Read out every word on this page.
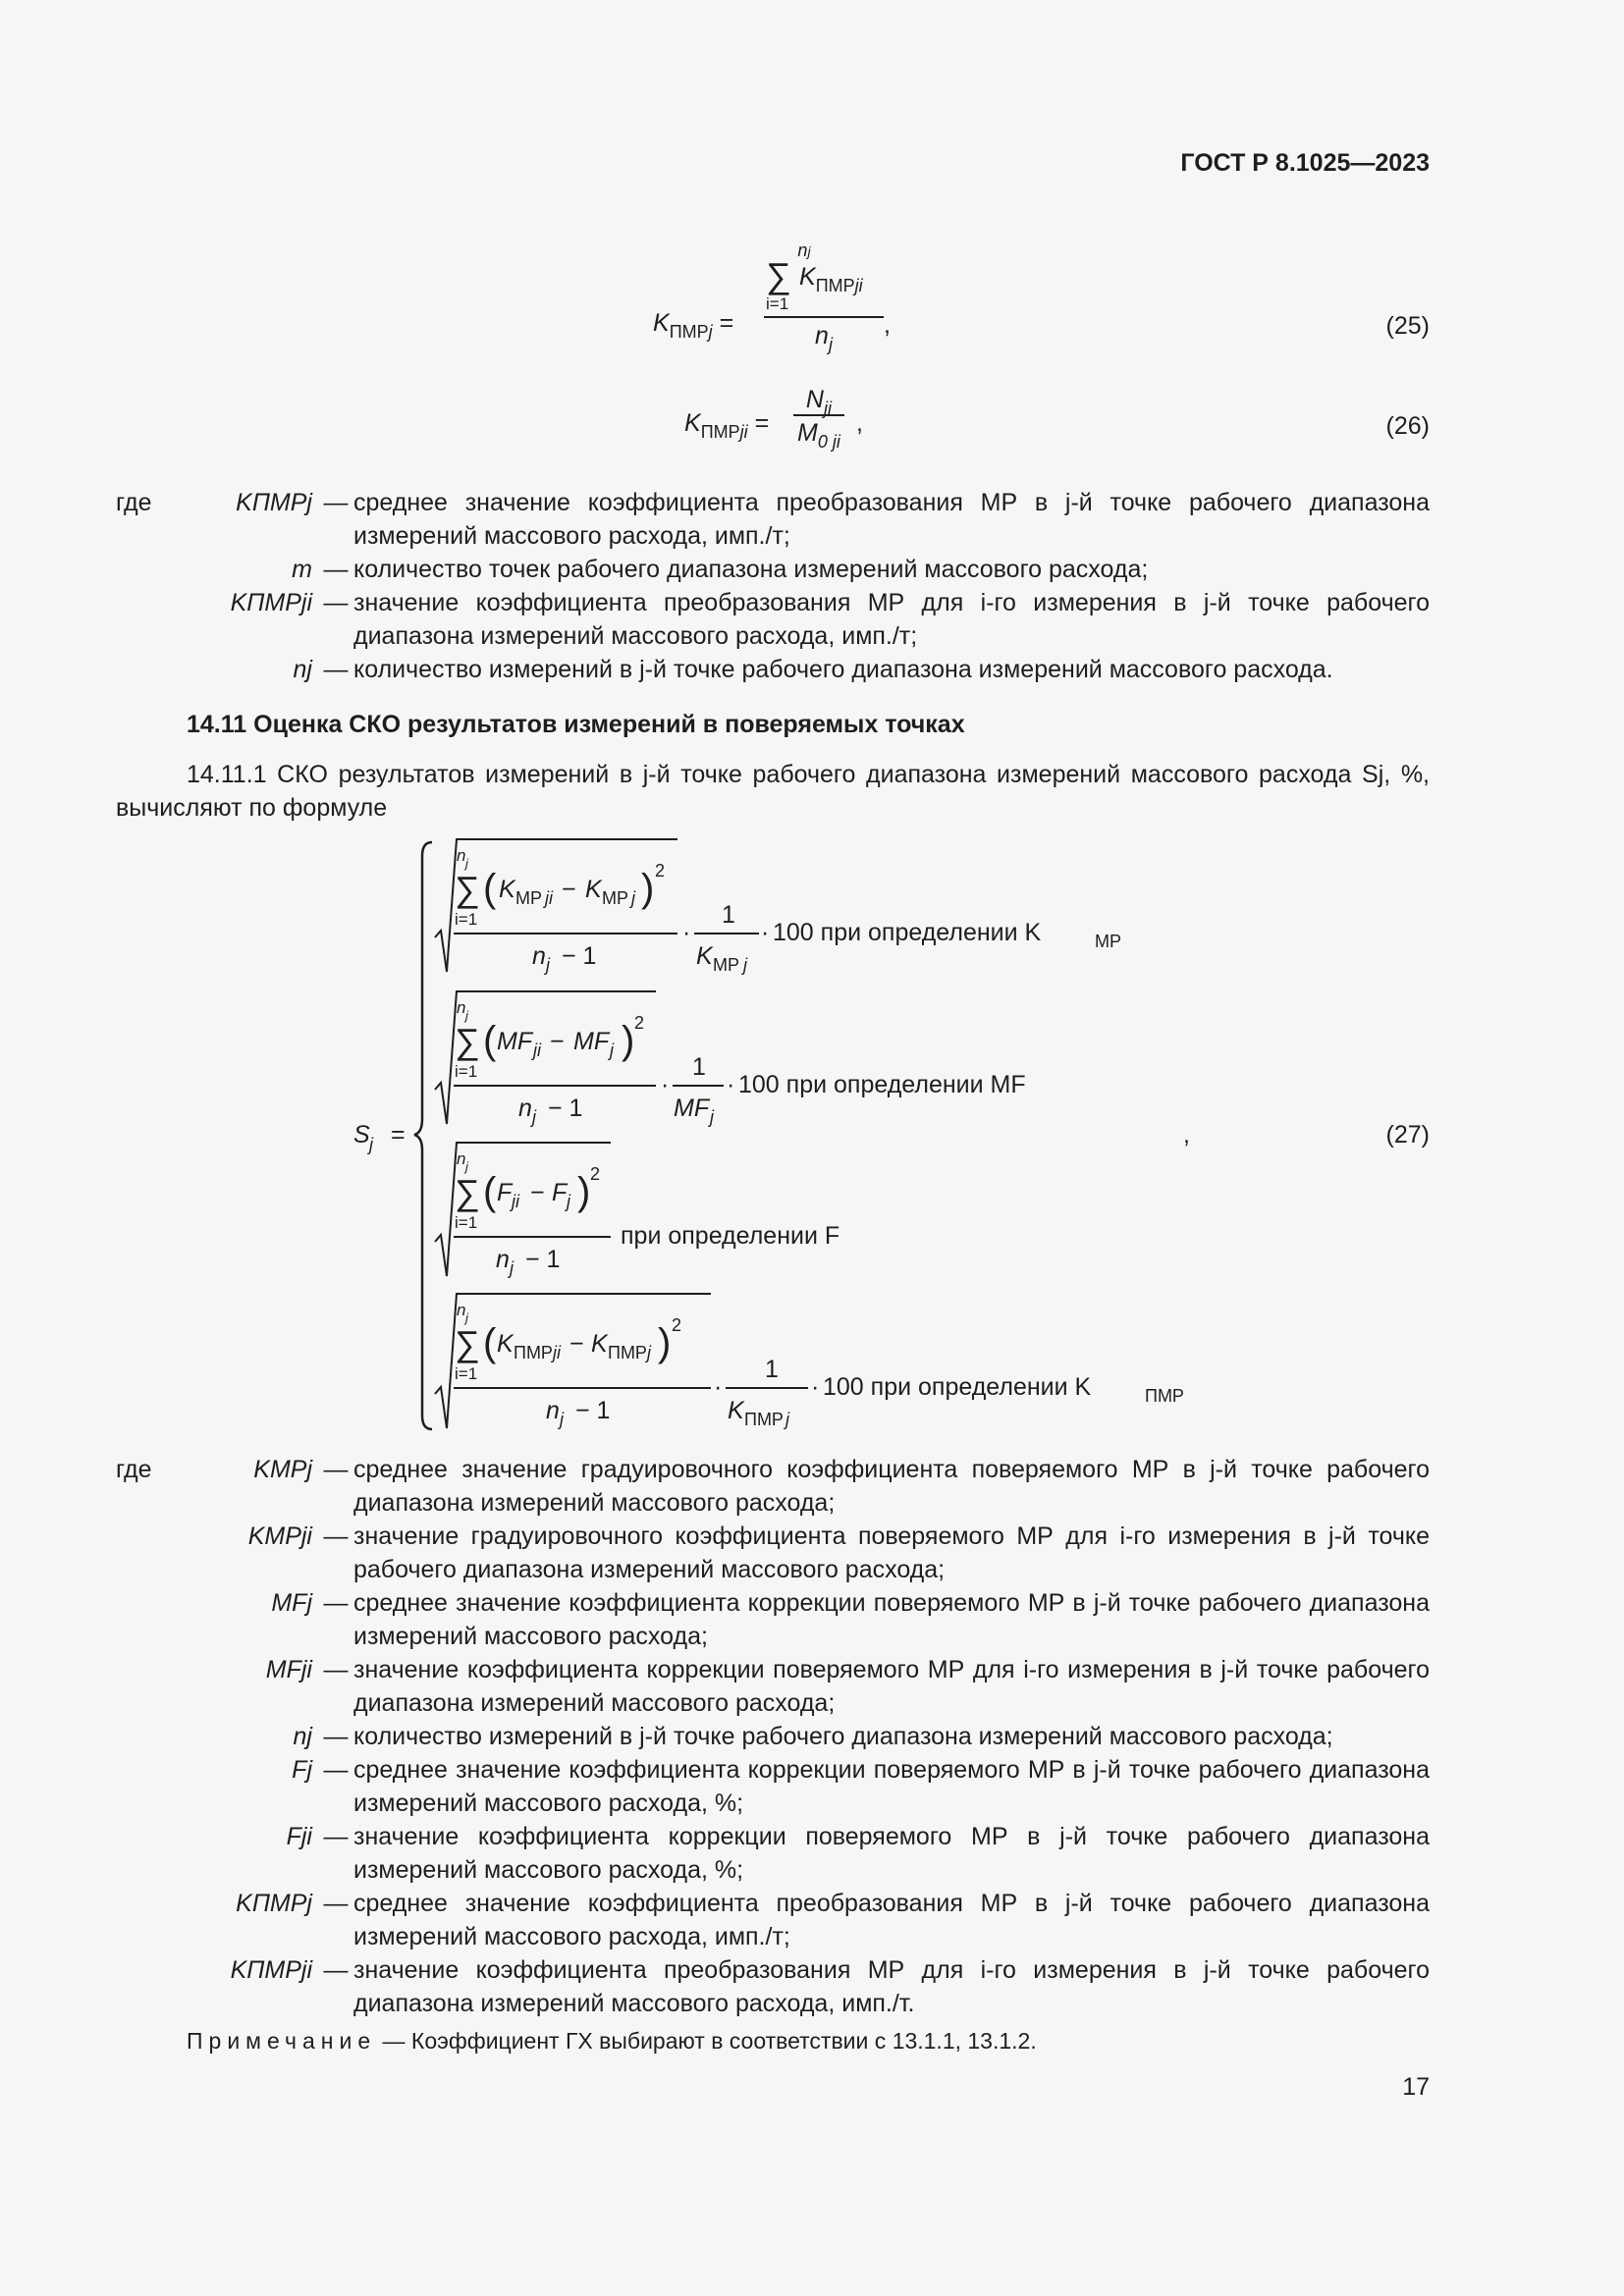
ГОСТ Р 8.1025—2023
$K_{ПМРj}$ =
nj
∑ $K_{ПМРji}$
i=1
$n_j$
,	(25)
$K_{ПМРji}$ =
$N_{ji}$
$M_{0 ji}$
,	(26)
где	KПМРj — среднее значение коэффициента преобразования МР в j-й точке рабочего диапазона измерений массового расхода, имп./т;
m — количество точек рабочего диапазона измерений массового расхода;
KПМРji — значение коэффициента преобразования МР для i-го измерения в j-й точке рабочего диапазона измерений массового расхода, имп./т;
nj — количество измерений в j-й точке рабочего диапазона измерений массового расхода.
14.11 Оценка СКО результатов измерений в поверяемых точках
14.11.1 СКО результатов измерений в j-й точке рабочего диапазона измерений массового расхода Sj, %, вычисляют по формуле
S j =
n j
∑
i=1
( K МР ji − K МР j ) 2
n j − 1
·
1
K МР j
· 100 при определении K	МР
n j
∑
i=1
( MF ji − MF j ) 2
n j − 1
·
1
MF j
· 100 при определении MF
n j
∑
i=1
( F ji − F j ) 2
n j − 1
при определении F
n j
∑
i=1
( K ПМР ji − K ПМР j ) 2
n j − 1
·
1
K ПМР j
· 100 при определении K	ПМР
,	(27)
где	KМРj — среднее значение градуировочного коэффициента поверяемого МР в j-й точке рабочего диапазона измерений массового расхода;
KМРji — значение градуировочного коэффициента поверяемого МР для i-го измерения в j-й точке рабочего диапазона измерений массового расхода;
MFj — среднее значение коэффициента коррекции поверяемого МР в j-й точке рабочего диапазона измерений массового расхода;
MFji — значение коэффициента коррекции поверяемого МР для i-го измерения в j-й точке рабочего диапазона измерений массового расхода;
nj — количество измерений в j-й точке рабочего диапазона измерений массового расхода;
Fj — среднее значение коэффициента коррекции поверяемого МР в j-й точке рабочего диапазона измерений массового расхода, %;
Fji — значение коэффициента коррекции поверяемого МР в j-й точке рабочего диапазона измерений массового расхода, %;
KПМРj — среднее значение коэффициента преобразования МР в j-й точке рабочего диапазона измерений массового расхода, имп./т;
KПМРji — значение коэффициента преобразования МР для i-го измерения в j-й точке рабочего диапазона измерений массового расхода, имп./т.
Примечание — Коэффициент ГХ выбирают в соответствии с 13.1.1, 13.1.2.
17
